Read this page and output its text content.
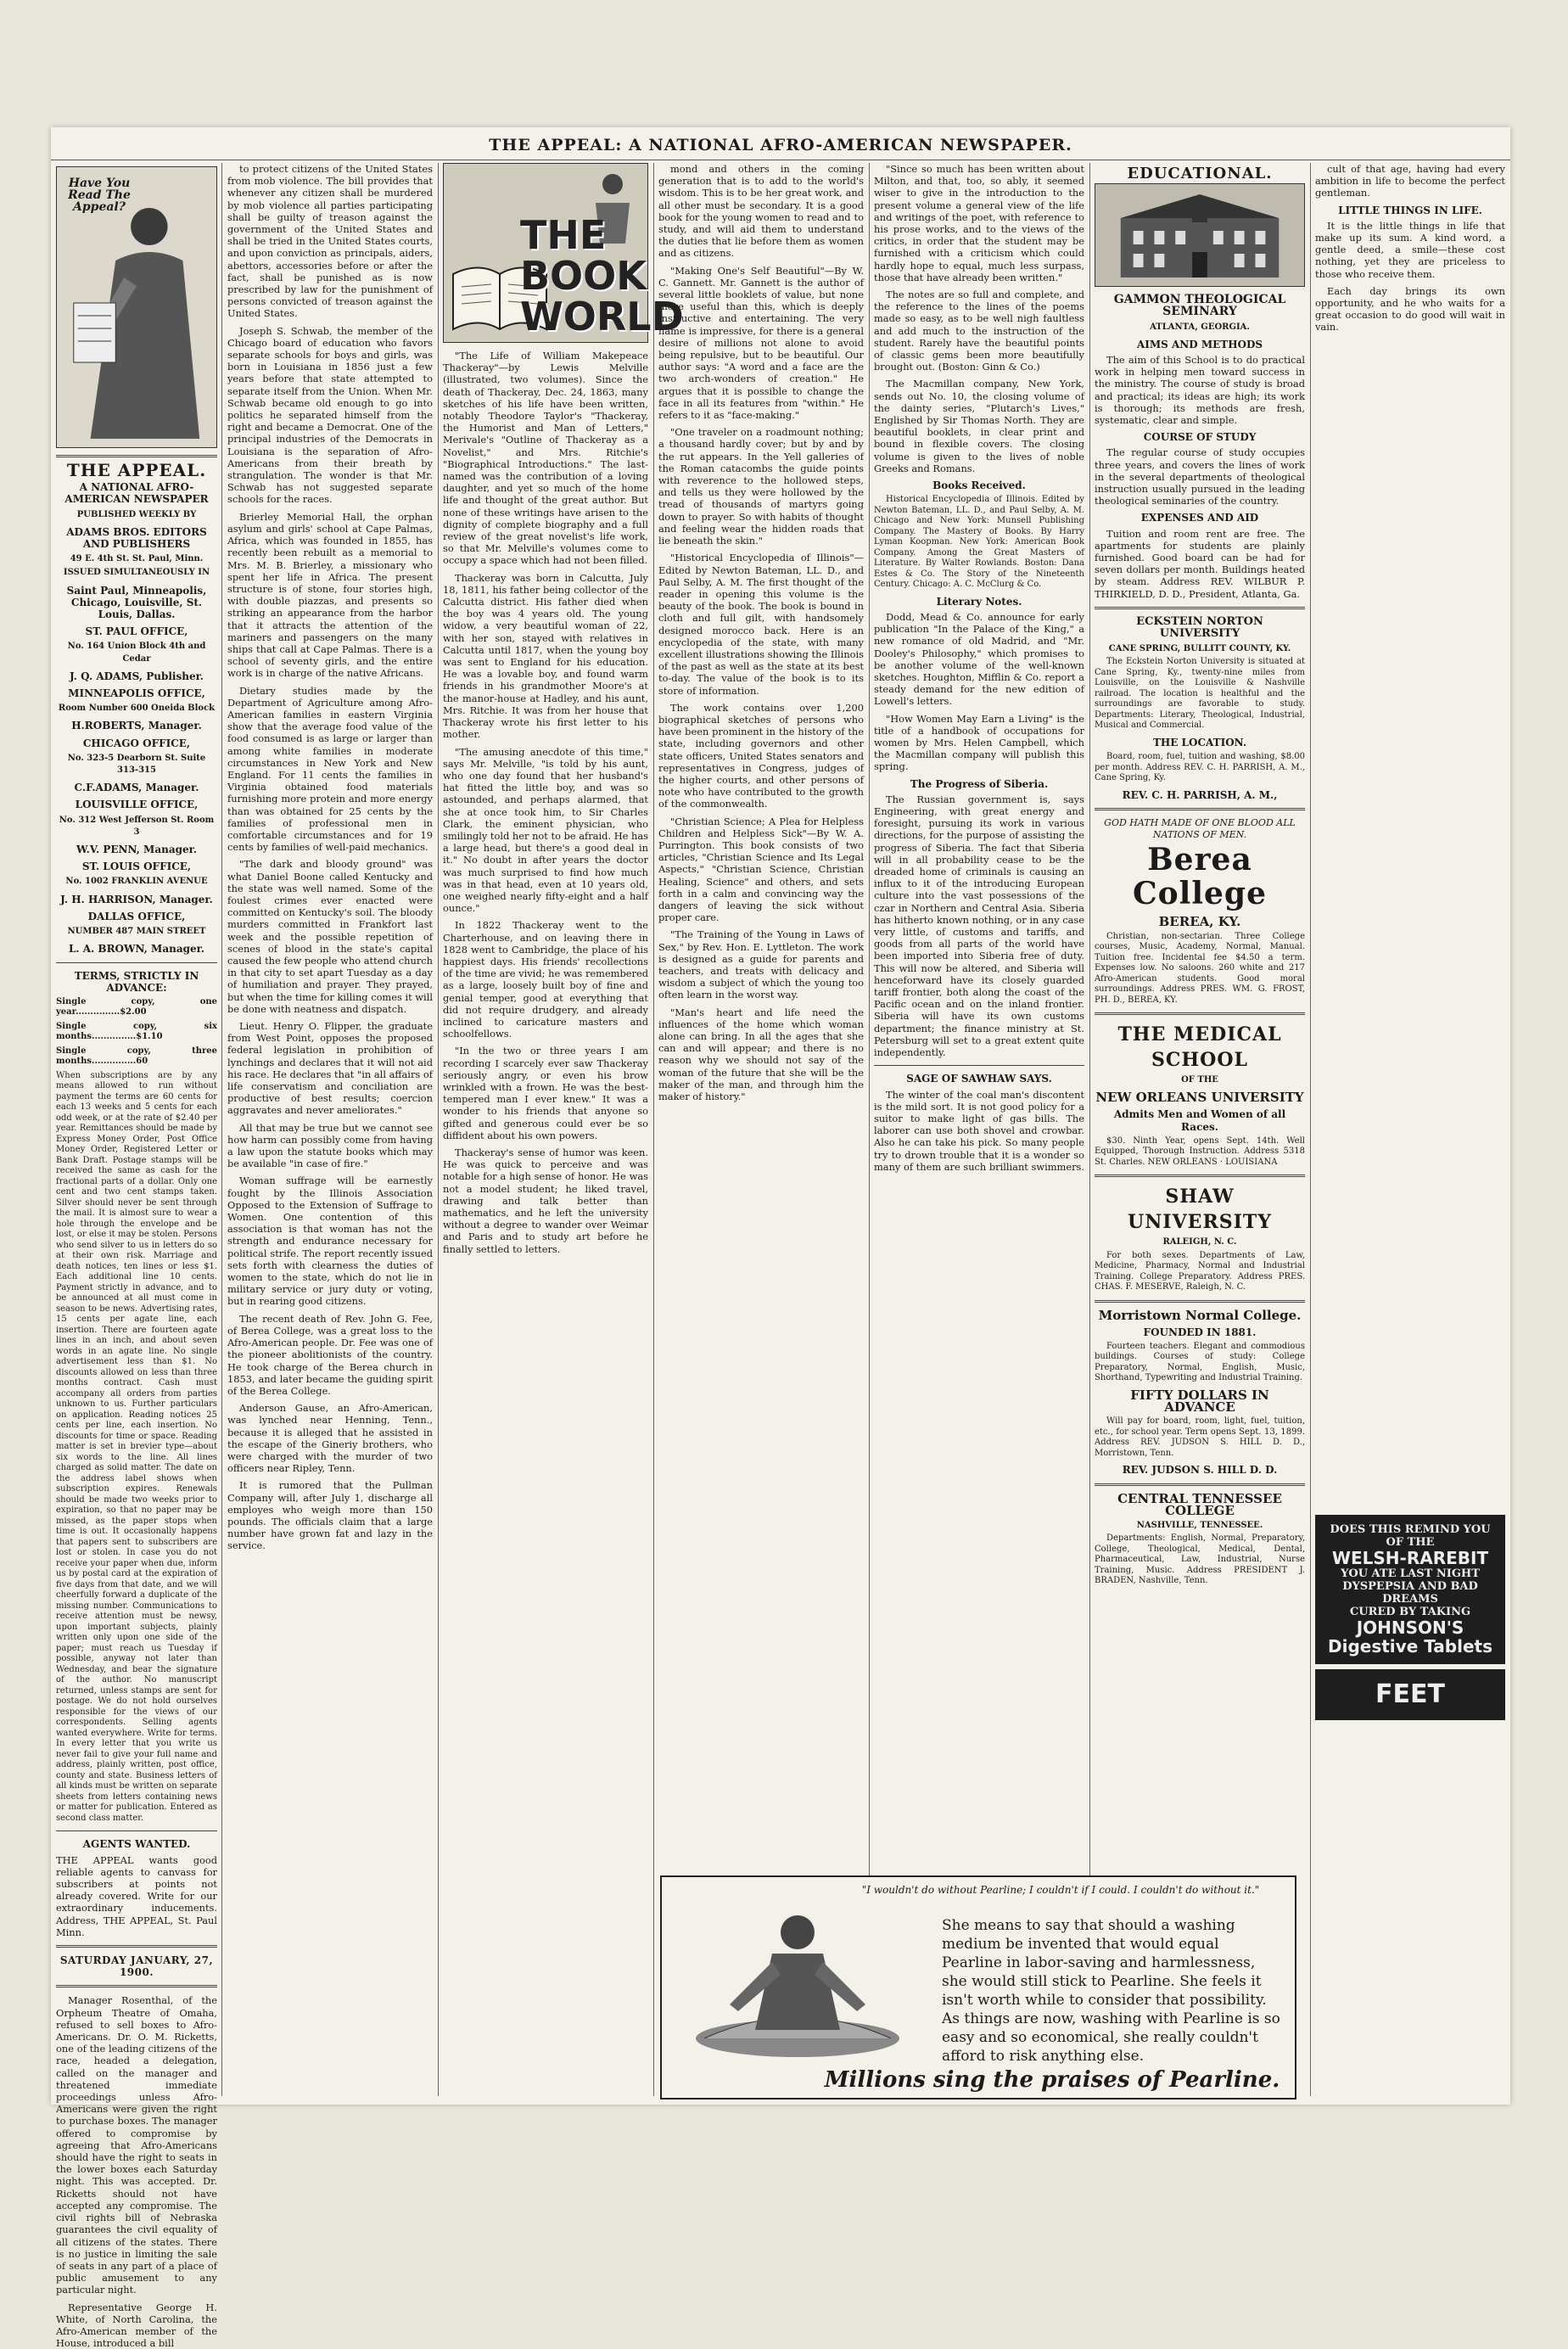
THE APPEAL: A NATIONAL AFRO-AMERICAN NEWSPAPER.
Have You Read The Appeal?
THE APPEAL.
A NATIONAL AFRO-AMERICAN NEWSPAPER
PUBLISHED WEEKLY BY
ADAMS BROS. EDITORS AND PUBLISHERS
49 E. 4th St. St. Paul, Minn.
ISSUED SIMULTANEOUSLY IN
Saint Paul, Minneapolis, Chicago, Louisville, St. Louis, Dallas.
ST. PAUL OFFICE,
No. 164 Union Block 4th and Cedar
J. Q. ADAMS, Publisher.
MINNEAPOLIS OFFICE,
Room Number 600 Oneida Block
H.ROBERTS, Manager.
CHICAGO OFFICE,
No. 323-5 Dearborn St. Suite 313-315
C.F.ADAMS, Manager.
LOUISVILLE OFFICE,
No. 312 West Jefferson St. Room 3
W.V. PENN, Manager.
ST. LOUIS OFFICE,
No. 1002 FRANKLIN AVENUE
J. H. HARRISON, Manager.
DALLAS OFFICE,
NUMBER 487 MAIN STREET
L. A. BROWN, Manager.
TERMS, STRICTLY IN ADVANCE:
Single copy, one year...............$2.00
Single copy, six months...............$1.10
Single copy, three months...............60
When subscriptions are by any means allowed to run without payment the terms are 60 cents for each 13 weeks and 5 cents for each odd week, or at the rate of $2.40 per year. Remittances should be made by Express Money Order, Post Office Money Order, Registered Letter or Bank Draft. Postage stamps will be received the same as cash for the fractional parts of a dollar. Only one cent and two cent stamps taken. Silver should never be sent through the mail. It is almost sure to wear a hole through the envelope and be lost, or else it may be stolen. Persons who send silver to us in letters do so at their own risk. Marriage and death notices, ten lines or less $1. Each additional line 10 cents. Payment strictly in advance, and to be announced at all must come in season to be news. Advertising rates, 15 cents per agate line, each insertion. There are fourteen agate lines in an inch, and about seven words in an agate line. No single advertisement less than $1. No discounts allowed on less than three months contract. Cash must accompany all orders from parties unknown to us. Further particulars on application. Reading notices 25 cents per line, each insertion. No discounts for time or space. Reading matter is set in brevier type—about six words to the line. All lines charged as solid matter. The date on the address label shows when subscription expires. Renewals should be made two weeks prior to expiration, so that no paper may be missed, as the paper stops when time is out. It occasionally happens that papers sent to subscribers are lost or stolen. In case you do not receive your paper when due, inform us by postal card at the expiration of five days from that date, and we will cheerfully forward a duplicate of the missing number. Communications to receive attention must be newsy, upon important subjects, plainly written only upon one side of the paper; must reach us Tuesday if possible, anyway not later than Wednesday, and bear the signature of the author. No manuscript returned, unless stamps are sent for postage. We do not hold ourselves responsible for the views of our correspondents. Selling agents wanted everywhere. Write for terms. In every letter that you write us never fail to give your full name and address, plainly written, post office, county and state. Business letters of all kinds must be written on separate sheets from letters containing news or matter for publication. Entered as second class matter.
AGENTS WANTED.
THE APPEAL wants good reliable agents to canvass for subscribers at points not already covered. Write for our extraordinary inducements. Address, THE APPEAL, St. Paul Minn.
SATURDAY JANUARY, 27, 1900.

Manager Rosenthal, of the Orpheum Theatre of Omaha, refused to sell boxes to Afro-Americans. Dr. O. M. Ricketts, one of the leading citizens of the race, headed a delegation, called on the manager and threatened immediate proceedings unless Afro-Americans were given the right to purchase boxes. The manager offered to compromise by agreeing that Afro-Americans should have the right to seats in the lower boxes each Saturday night. This was accepted. Dr. Ricketts should not have accepted any compromise. The civil rights bill of Nebraska guarantees the civil equality of all citizens of the states. There is no justice in limiting the sale of seats in any part of a place of public amusement to any particular night.

Representative George H. White, of North Carolina, the Afro-American member of the House, introduced a bill

to protect citizens of the United States from mob violence. The bill provides that whenever any citizen shall be murdered by mob violence all parties participating shall be guilty of treason against the government of the United States and shall be tried in the United States courts, and upon conviction as principals, aiders, abettors, accessories before or after the fact, shall be punished as is now prescribed by law for the punishment of persons convicted of treason against the United States.

Joseph S. Schwab, the member of the Chicago board of education who favors separate schools for boys and girls, was born in Louisiana in 1856 just a few years before that state attempted to separate itself from the Union. When Mr. Schwab became old enough to go into politics he separated himself from the right and became a Democrat. One of the principal industries of the Democrats in Louisiana is the separation of Afro-Americans from their breath by strangulation. The wonder is that Mr. Schwab has not suggested separate schools for the races.

Brierley Memorial Hall, the orphan asylum and girls' school at Cape Palmas, Africa, which was founded in 1855, has recently been rebuilt as a memorial to Mrs. M. B. Brierley, a missionary who spent her life in Africa. The present structure is of stone, four stories high, with double piazzas, and presents so striking an appearance from the harbor that it attracts the attention of the mariners and passengers on the many ships that call at Cape Palmas. There is a school of seventy girls, and the entire work is in charge of the native Africans.

Dietary studies made by the Department of Agriculture among Afro-American families in eastern Virginia show that the average food value of the food consumed is as large or larger than among white families in moderate circumstances in New York and New England. For 11 cents the families in Virginia obtained food materials furnishing more protein and more energy than was obtained for 25 cents by the families of professional men in comfortable circumstances and for 19 cents by families of well-paid mechanics.

"The dark and bloody ground" was what Daniel Boone called Kentucky and the state was well named. Some of the foulest crimes ever enacted were committed on Kentucky's soil. The bloody murders committed in Frankfort last week and the possible repetition of scenes of blood in the state's capital caused the few people who attend church in that city to set apart Tuesday as a day of humiliation and prayer. They prayed, but when the time for killing comes it will be done with neatness and dispatch.

Lieut. Henry O. Flipper, the graduate from West Point, opposes the proposed federal legislation in prohibition of lynchings and declares that it will not aid his race. He declares that "in all affairs of life conservatism and conciliation are productive of best results; coercion aggravates and never ameliorates."

All that may be true but we cannot see how harm can possibly come from having a law upon the statute books which may be available "in case of fire."

Woman suffrage will be earnestly fought by the Illinois Association Opposed to the Extension of Suffrage to Women. One contention of this association is that woman has not the strength and endurance necessary for political strife. The report recently issued sets forth with clearness the duties of women to the state, which do not lie in military service or jury duty or voting, but in rearing good citizens.

The recent death of Rev. John G. Fee, of Berea College, was a great loss to the Afro-American people. Dr. Fee was one of the pioneer abolitionists of the country. He took charge of the Berea church in 1853, and later became the guiding spirit of the Berea College.

Anderson Gause, an Afro-American, was lynched near Henning, Tenn., because it is alleged that he assisted in the escape of the Gineriy brothers, who were charged with the murder of two officers near Ripley, Tenn.

It is rumored that the Pullman Company will, after July 1, discharge all employes who weigh more than 150 pounds. The officials claim that a large number have grown fat and lazy in the service.

THE BOOK WORLD

"The Life of William Makepeace Thackeray"—by Lewis Melville (illustrated, two volumes). Since the death of Thackeray, Dec. 24, 1863, many sketches of his life have been written, notably Theodore Taylor's "Thackeray, the Humorist and Man of Letters," Merivale's "Outline of Thackeray as a Novelist," and Mrs. Ritchie's "Biographical Introductions." The last-named was the contribution of a loving daughter, and yet so much of the home life and thought of the great author. But none of these writings have arisen to the dignity of complete biography and a full review of the great novelist's life work, so that Mr. Melville's volumes come to occupy a space which had not been filled.

Thackeray was born in Calcutta, July 18, 1811, his father being collector of the Calcutta district. His father died when the boy was 4 years old. The young widow, a very beautiful woman of 22, with her son, stayed with relatives in Calcutta until 1817, when the young boy was sent to England for his education. He was a lovable boy, and found warm friends in his grandmother Moore's at the manor-house at Hadley, and his aunt, Mrs. Ritchie. It was from her house that Thackeray wrote his first letter to his mother.

"The amusing anecdote of this time," says Mr. Melville, "is told by his aunt, who one day found that her husband's hat fitted the little boy, and was so astounded, and perhaps alarmed, that she at once took him, to Sir Charles Clark, the eminent physician, who smilingly told her not to be afraid. He has a large head, but there's a good deal in it." No doubt in after years the doctor was much surprised to find how much was in that head, even at 10 years old, one weighed nearly fifty-eight and a half ounce."

In 1822 Thackeray went to the Charterhouse, and on leaving there in 1828 went to Cambridge, the place of his happiest days. His friends' recollections of the time are vivid; he was remembered as a large, loosely built boy of fine and genial temper, good at everything that did not require drudgery, and already inclined to caricature masters and schoolfellows.

"In the two or three years I am recording I scarcely ever saw Thackeray seriously angry, or even his brow wrinkled with a frown. He was the best-tempered man I ever knew." It was a wonder to his friends that anyone so gifted and generous could ever be so diffident about his own powers.

Thackeray's sense of humor was keen. He was quick to perceive and was notable for a high sense of honor. He was not a model student; he liked travel, drawing and talk better than mathematics, and he left the university without a degree to wander over Weimar and Paris and to study art before he finally settled to letters.

mond and others in the coming generation that is to add to the world's wisdom. This is to be her great work, and all other must be secondary. It is a good book for the young women to read and to study, and will aid them to understand the duties that lie before them as women and as citizens.

"Making One's Self Beautiful"—By W. C. Gannett. Mr. Gannett is the author of several little booklets of value, but none more useful than this, which is deeply instructive and entertaining. The very name is impressive, for there is a general desire of millions not alone to avoid being repulsive, but to be beautiful. Our author says: "A word and a face are the two arch-wonders of creation." He argues that it is possible to change the face in all its features from "within." He refers to it as "face-making."

"One traveler on a roadmount nothing; a thousand hardly cover; but by and by the rut appears. In the Yell galleries of the Roman catacombs the guide points with reverence to the hollowed steps, and tells us they were hollowed by the tread of thousands of martyrs going down to prayer. So with habits of thought and feeling wear the hidden roads that lie beneath the skin."

"Historical Encyclopedia of Illinois"—Edited by Newton Bateman, LL. D., and Paul Selby, A. M. The first thought of the reader in opening this volume is the beauty of the book. The book is bound in cloth and full gilt, with handsomely designed morocco back. Here is an encyclopedia of the state, with many excellent illustrations showing the Illinois of the past as well as the state at its best to-day. The value of the book is to its store of information.

The work contains over 1,200 biographical sketches of persons who have been prominent in the history of the state, including governors and other state officers, United States senators and representatives in Congress, judges of the higher courts, and other persons of note who have contributed to the growth of the commonwealth.

"Christian Science; A Plea for Helpless Children and Helpless Sick"—By W. A. Purrington. This book consists of two articles, "Christian Science and Its Legal Aspects," "Christian Science, Christian Healing, Science" and others, and sets forth in a calm and convincing way the dangers of leaving the sick without proper care.

"The Training of the Young in Laws of Sex," by Rev. Hon. E. Lyttleton. The work is designed as a guide for parents and teachers, and treats with delicacy and wisdom a subject of which the young too often learn in the worst way.

"Man's heart and life need the influences of the home which woman alone can bring. In all the ages that she can and will appear; and there is no reason why we should not say of the woman of the future that she will be the maker of the man, and through him the maker of history."

"Since so much has been written about Milton, and that, too, so ably, it seemed wiser to give in the introduction to the present volume a general view of the life and writings of the poet, with reference to his prose works, and to the views of the critics, in order that the student may be furnished with a criticism which could hardly hope to equal, much less surpass, those that have already been written."

The notes are so full and complete, and the reference to the lines of the poems made so easy, as to be well nigh faultless and add much to the instruction of the student. Rarely have the beautiful points of classic gems been more beautifully brought out. (Boston: Ginn & Co.)

The Macmillan company, New York, sends out No. 10, the closing volume of the dainty series, "Plutarch's Lives," Englished by Sir Thomas North. They are beautiful booklets, in clear print and bound in flexible covers. The closing volume is given to the lives of noble Greeks and Romans.

Books Received.

Historical Encyclopedia of Illinois. Edited by Newton Bateman, LL. D., and Paul Selby, A. M. Chicago and New York: Munsell Publishing Company. The Mastery of Books. By Harry Lyman Koopman. New York: American Book Company. Among the Great Masters of Literature. By Walter Rowlands. Boston: Dana Estes & Co. The Story of the Nineteenth Century. Chicago: A. C. McClurg & Co.

Literary Notes.

Dodd, Mead & Co. announce for early publication "In the Palace of the King," a new romance of old Madrid, and "Mr. Dooley's Philosophy," which promises to be another volume of the well-known sketches. Houghton, Mifflin & Co. report a steady demand for the new edition of Lowell's letters.

"How Women May Earn a Living" is the title of a handbook of occupations for women by Mrs. Helen Campbell, which the Macmillan company will publish this spring.

The Progress of Siberia.

The Russian government is, says Engineering, with great energy and foresight, pursuing its work in various directions, for the purpose of assisting the progress of Siberia. The fact that Siberia will in all probability cease to be the dreaded home of criminals is causing an influx to it of the introducing European culture into the vast possessions of the czar in Northern and Central Asia. Siberia has hitherto known nothing, or in any case very little, of customs and tariffs, and goods from all parts of the world have been imported into Siberia free of duty. This will now be altered, and Siberia will henceforward have its closely guarded tariff frontier, both along the coast of the Pacific ocean and on the inland frontier. Siberia will have its own customs department; the finance ministry at St. Petersburg will set to a great extent quite independently.

SAGE OF SAWHAW SAYS.

The winter of the coal man's discontent is the mild sort. It is not good policy for a suitor to make light of gas bills. The laborer can use both shovel and crowbar. Also he can take his pick. So many people try to drown trouble that it is a wonder so many of them are such brilliant swimmers.

EDUCATIONAL.
GAMMON THEOLOGICAL SEMINARY
ATLANTA, GEORGIA.
AIMS AND METHODS

The aim of this School is to do practical work in helping men toward success in the ministry. The course of study is broad and practical; its ideas are high; its work is thorough; its methods are fresh, systematic, clear and simple.

COURSE OF STUDY

The regular course of study occupies three years, and covers the lines of work in the several departments of theological instruction usually pursued in the leading theological seminaries of the country.

EXPENSES AND AID

Tuition and room rent are free. The apartments for students are plainly furnished. Good board can be had for seven dollars per month. Buildings heated by steam. Address REV. WILBUR P. THIRKIELD, D. D., President, Atlanta, Ga.

ECKSTEIN NORTON UNIVERSITY
CANE SPRING, BULLITT COUNTY, KY.

The Eckstein Norton University is situated at Cane Spring, Ky., twenty-nine miles from Louisville, on the Louisville & Nashville railroad. The location is healthful and the surroundings are favorable to study. Departments: Literary, Theological, Industrial, Musical and Commercial.

THE LOCATION.

Board, room, fuel, tuition and washing, $8.00 per month. Address REV. C. H. PARRISH, A. M., Cane Spring, Ky.

REV. C. H. PARRISH, A. M.,
GOD HATH MADE OF ONE BLOOD ALL NATIONS OF MEN.
Berea College
BEREA, KY.

Christian, non-sectarian. Three College courses, Music, Academy, Normal, Manual. Tuition free. Incidental fee $4.50 a term. Expenses low. No saloons. 260 white and 217 Afro-American students. Good moral surroundings. Address PRES. WM. G. FROST, PH. D., BEREA, KY.

THE MEDICAL SCHOOL
OF THE
NEW ORLEANS UNIVERSITY
Admits Men and Women of all Races.

$30. Ninth Year, opens Sept. 14th. Well Equipped, Thorough Instruction. Address 5318 St. Charles. NEW ORLEANS · LOUISIANA

SHAW UNIVERSITY
RALEIGH, N. C.

For both sexes. Departments of Law, Medicine, Pharmacy, Normal and Industrial Training. College Preparatory. Address PRES. CHAS. F. MESERVE, Raleigh, N. C.

Morristown Normal College.
FOUNDED IN 1881.

Fourteen teachers. Elegant and commodious buildings. Courses of study: College Preparatory, Normal, English, Music, Shorthand, Typewriting and Industrial Training.

FIFTY DOLLARS IN ADVANCE

Will pay for board, room, light, fuel, tuition, etc., for school year. Term opens Sept. 13, 1899. Address REV. JUDSON S. HILL D. D., Morristown, Tenn.

REV. JUDSON S. HILL D. D.
CENTRAL TENNESSEE COLLEGE
NASHVILLE, TENNESSEE.

Departments: English, Normal, Preparatory, College, Theological, Medical, Dental, Pharmaceutical, Law, Industrial, Nurse Training, Music. Address PRESIDENT J. BRADEN, Nashville, Tenn.

cult of that age, having had every ambition in life to become the perfect gentleman.

LITTLE THINGS IN LIFE.

It is the little things in life that make up its sum. A kind word, a gentle deed, a smile—these cost nothing, yet they are priceless to those who receive them.

Each day brings its own opportunity, and he who waits for a great occasion to do good will wait in vain.

DOES THIS REMIND YOU OF THE
WELSH-RAREBIT
YOU ATE LAST NIGHT
DYSPEPSIA AND BAD DREAMS
CURED BY TAKING
JOHNSON'S
Digestive Tablets
FEET
"I wouldn't do without Pearline; I couldn't if I could. I couldn't do without it."
She means to say that should a washing medium be invented that would equal Pearline in labor-saving and harmlessness, she would still stick to Pearline. She feels it isn't worth while to consider that possibility. As things are now, washing with Pearline is so easy and so economical, she really couldn't afford to risk anything else.
Millions sing the praises of Pearline.
